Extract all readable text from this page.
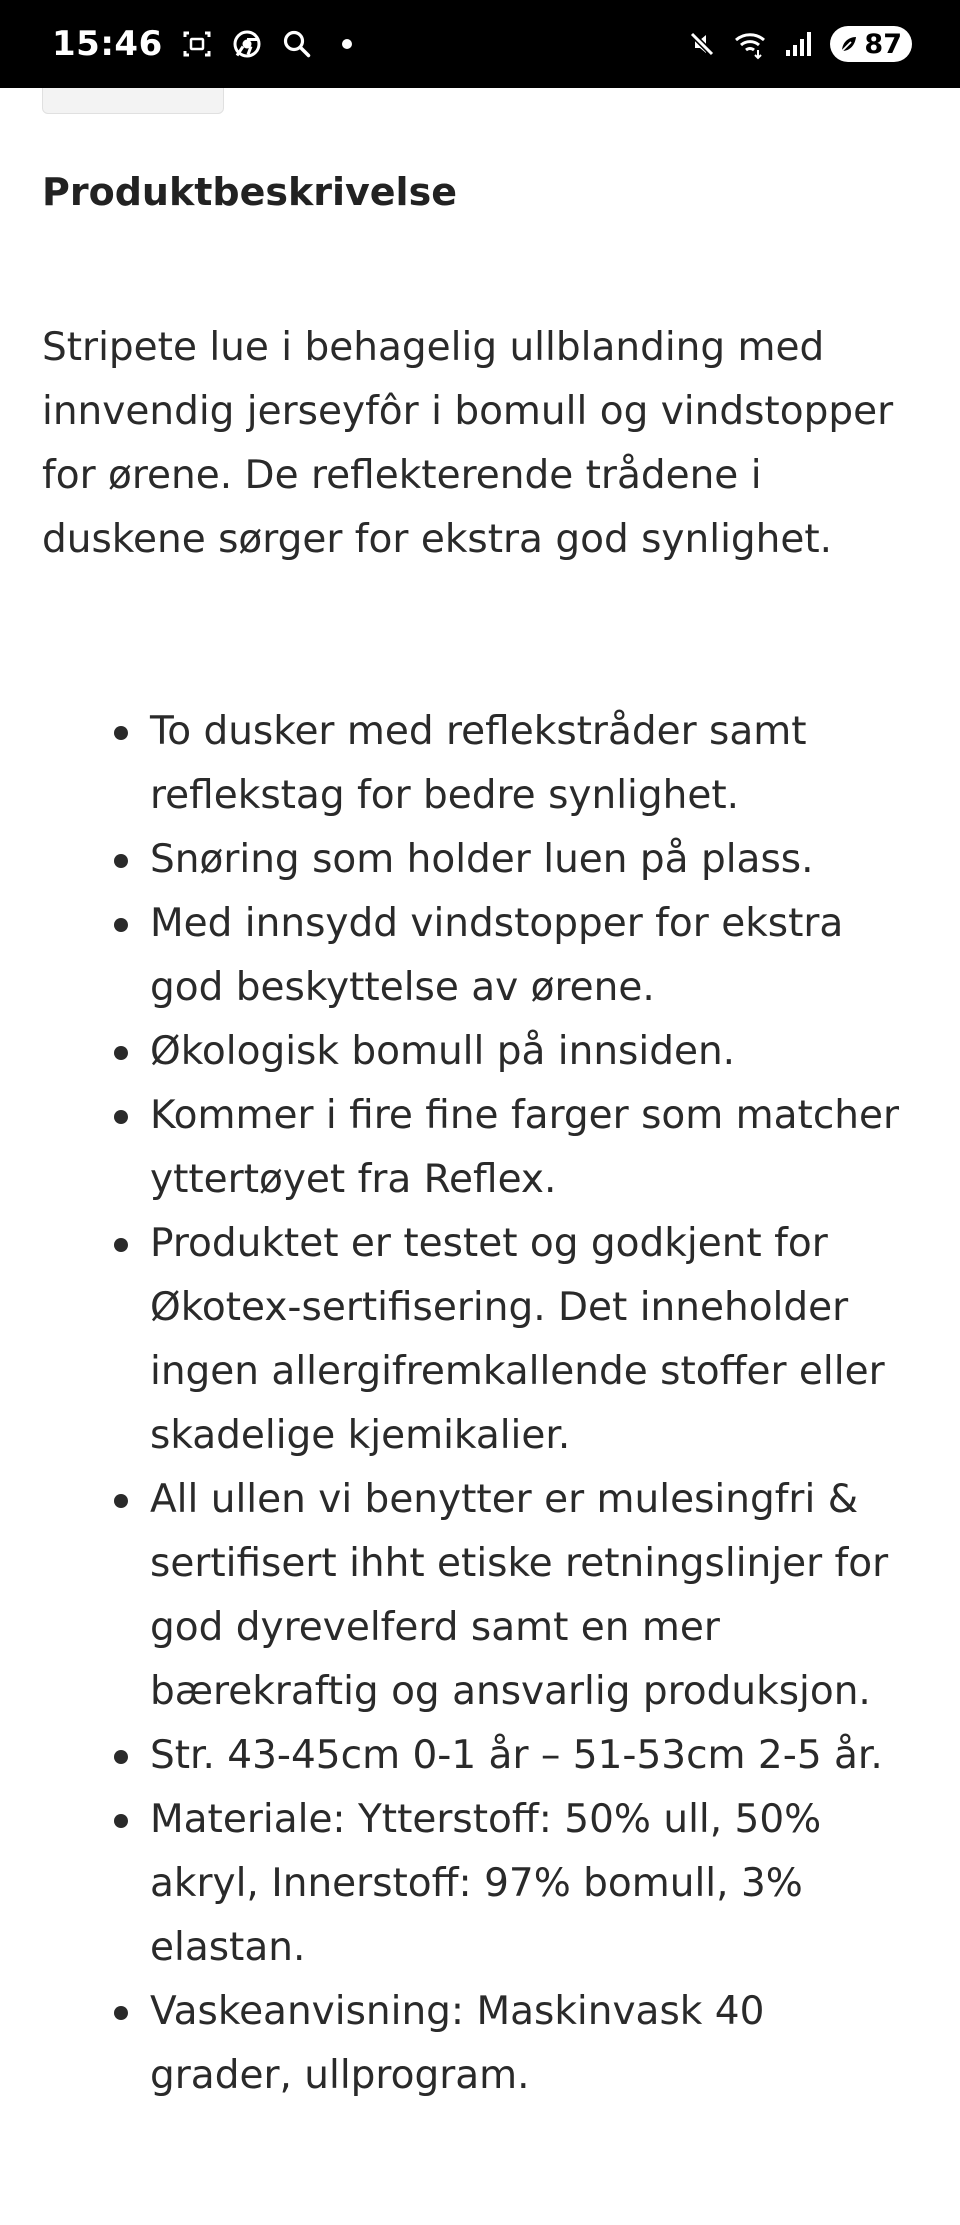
15:46	87
Produktbeskrivelse

Stripete lue i behagelig ullblanding med innvendig jerseyfôr i bomull og vindstopper for ørene. De reflekterende trådene i duskene sørger for ekstra god synlighet.

To dusker med reflekstråder samt reflekstag for bedre synlighet.
Snøring som holder luen på plass.
Med innsydd vindstopper for ekstra god beskyttelse av ørene.
Økologisk bomull på innsiden.
Kommer i fire fine farger som matcher yttertøyet fra Reflex.
Produktet er testet og godkjent for Økotex-sertifisering. Det inneholder ingen allergifremkallende stoffer eller skadelige kjemikalier.
All ullen vi benytter er mulesingfri & sertifisert ihht etiske retningslinjer for god dyrevelferd samt en mer bærekraftig og ansvarlig produksjon.
Str. 43-45cm 0-1 år – 51-53cm 2-5 år.
Materiale: Ytterstoff: 50% ull, 50% akryl, Innerstoff: 97% bomull, 3% elastan.
Vaskeanvisning: Maskinvask 40 grader, ullprogram.
